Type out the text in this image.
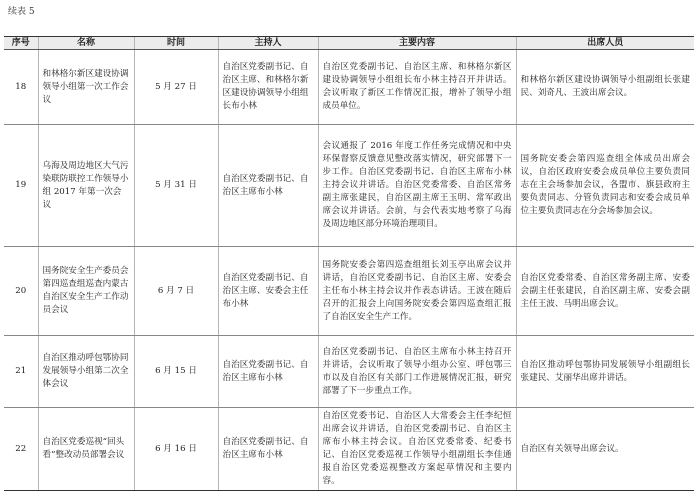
续表 5
序号	名称	时间	主持人	主要内容	出席人员
18	和林格尔新区建设协调领导小组第一次工作会议	5 月 27 日	自治区党委副书记、自治区主席、和林格尔新区建设协调领导小组组长布小林	自治区党委副书记、自治区主席、和林格尔新区建设协调领导小组组长布小林主持召开并讲话。会议听取了新区工作情况汇报，增补了领导小组成员单位。	和林格尔新区建设协调领导小组副组长张建民、刘奇凡、王波出席会议。
19	乌海及周边地区大气污染联防联控工作领导小组 2017 年第一次会议	5 月 31 日	自治区党委副书记、自治区主席布小林	会议通报了 2016 年度工作任务完成情况和中央环保督察反馈意见整改落实情况，研究部署下一步工作。自治区党委副书记、自治区主席布小林主持会议并讲话。自治区党委常委、自治区常务副主席张建民，自治区副主席王玉明、常军政出席会议并讲话。会前，与会代表实地考察了乌海及周边地区部分环境治理项目。	国务院安委会第四巡查组全体成员出席会议，自治区政府安委会成员单位主要负责同志在主会场参加会议，各盟市、旗县政府主要负责同志、分管负责同志和安委会成员单位主要负责同志在分会场参加会议。
20	国务院安全生产委员会第四巡查组巡查内蒙古自治区安全生产工作动员会议	6 月 7 日	自治区党委副书记、自治区主席、安委会主任布小林	国务院安委会第四巡查组组长刘玉亭出席会议并讲话，自治区党委副书记、自治区主席、安委会主任布小林主持会议并作表态讲话。王波在随后召开的汇报会上向国务院安委会第四巡查组汇报了自治区安全生产工作。	自治区党委常委、自治区常务副主席、安委会副主任张建民，自治区副主席、安委会副主任王波、马明出席会议。
21	自治区推动呼包鄂协同发展领导小组第二次全体会议	6 月 15 日	自治区党委副书记、自治区主席布小林	自治区党委副书记、自治区主席布小林主持召开并讲话，会议听取了领导小组办公室、呼包鄂三市以及自治区有关部门工作进展情况汇报，研究部署了下一步重点工作。	自治区推动呼包鄂协同发展领导小组副组长张建民、艾丽华出席并讲话。
22	自治区党委巡视“回头看”整改动员部署会议	6 月 16 日	自治区党委副书记、自治区主席布小林	自治区党委书记、自治区人大常委会主任李纪恒出席会议并讲话，自治区党委副书记、自治区主席布小林主持会议。自治区党委常委、纪委书记、自治区党委巡视工作领导小组副组长李佳通报自治区党委巡视整改方案起草情况和主要内容。	自治区有关领导出席会议。
